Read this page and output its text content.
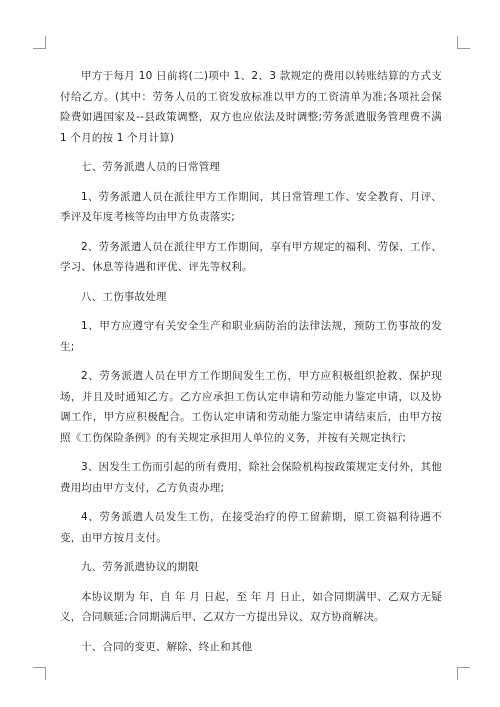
甲方于每月 10 日前将(二)项中 1、2、3 款规定的费用以转账结算的方式支付给乙方。(其中：劳务人员的工资发放标准以甲方的工资清单为准;各项社会保险费如遇国家及--县政策调整，双方也应依法及时调整;劳务派遣服务管理费不满 1 个月的按 1 个月计算)

七、劳务派遣人员的日常管理

1、劳务派遣人员在派往甲方工作期间，其日常管理工作、安全教育、月评、季评及年度考核等均由甲方负责落实;

2、劳务派遣人员在派往甲方工作期间，享有甲方规定的福利、劳保、工作、学习、休息等待遇和评优、评先等权利。

八、工伤事故处理

1、甲方应遵守有关安全生产和职业病防治的法律法规，预防工伤事故的发生;

2、劳务派遣人员在甲方工作期间发生工伤，甲方应积极组织抢救、保护现场，并且及时通知乙方。乙方应承担工伤认定申请和劳动能力鉴定申请，以及协调工作，甲方应积极配合。工伤认定申请和劳动能力鉴定申请结束后，由甲方按照《工伤保险条例》的有关规定承担用人单位的义务，并按有关规定执行;

3、因发生工伤而引起的所有费用，除社会保险机构按政策规定支付外，其他费用均由甲方支付，乙方负责办理;

4、劳务派遣人员发生工伤，在接受治疗的停工留薪期，原工资福利待遇不变，由甲方按月支付。

九、劳务派遣协议的期限

本协议期为 年，自 年 月 日起，至 年 月 日止，如合同期满甲、乙双方无疑义，合同顺延;合同期满后甲、乙双方一方提出异议，双方协商解决。

十、合同的变更、解除、终止和其他
